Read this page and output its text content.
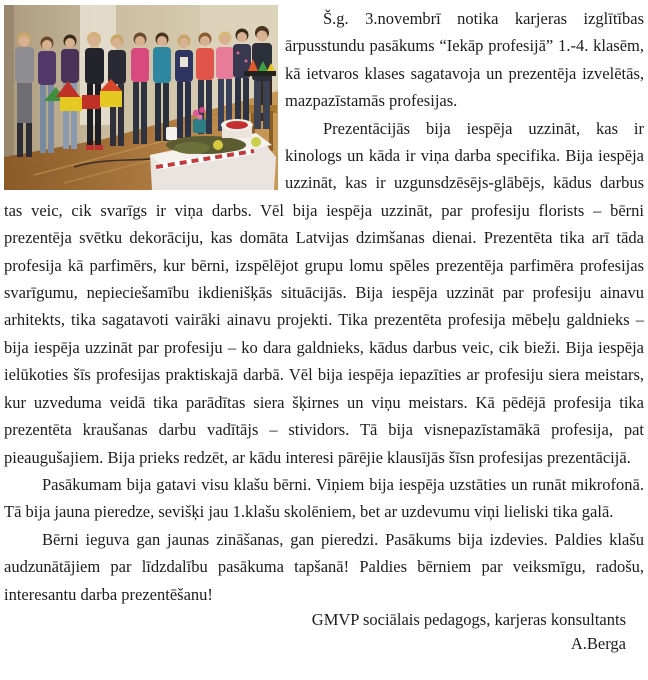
Š.g. 3.novembrī notika karjeras izglītības ārpusstundu pasākums “Iekāp profesijā” 1.-4. klasēm, kā ietvaros klases sagatavoja un prezentēja izvelētās, mazpazīstamās profesijas.

Prezentācijās bija iespēja uzzināt, kas ir kinologs un kāda ir viņa darba specifika. Bija iespēja uzzināt, kas ir uzgunsdzēsējs-glābējs, kādus darbus tas veic, cik svarīgs ir viņa darbs. Vēl bija iespēja uzzināt, par profesiju florists – bērni prezentēja svētku dekorāciju, kas domāta Latvijas dzimšanas dienai. Prezentēta tika arī tāda profesija kā parfimērs, kur bērni, izspēlējot grupu lomu spēles prezentēja parfimēra profesijas svarīgumu, nepieciešamību ikdienišķās situācijās. Bija iespēja uzzināt par profesiju ainavu arhitekts, tika sagatavoti vairāki ainavu projekti. Tika prezentēta profesija mēbeļu galdnieks – bija iespēja uzzināt par profesiju – ko dara galdnieks, kādus darbus veic, cik bieži. Bija iespēja ielūkoties šīs profesijas praktiskajā darbā. Vēl bija iespēja iepazīties ar profesiju siera meistars, kur uzveduma veidā tika parādītas siera šķirnes un viņu meistars. Kā pēdējā profesija tika prezentēta kraušanas darbu vadītājs – stividors. Tā bija visnepazīstamākā profesija, pat pieaugušajiem. Bija prieks redzēt, ar kādu interesi pārējie klausījās šīsn profesijas prezentācijā.

Pasākumam bija gatavi visu klašu bērni. Viņiem bija iespēja uzstāties un runāt mikrofonā. Tā bija jauna pieredze, sevišķi jau 1.klašu skolēniem, bet ar uzdevumu viņi lieliski tika galā.

Bērni ieguva gan jaunas zināšanas, gan pieredzi. Pasākums bija izdevies. Paldies klašu audzunātājiem par līdzdalību pasākuma tapšanā! Paldies bērniem par veiksmīgu, radošu, interesantu darba prezentēšanu!

GMVP sociālais pedagogs, karjeras konsultants

A.Berga
